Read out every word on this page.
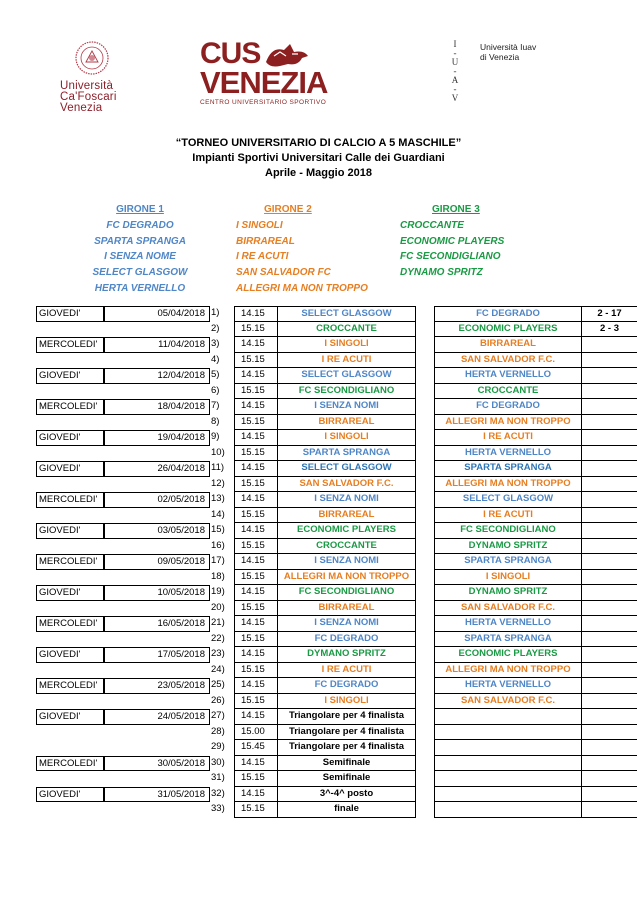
Università
Ca'Foscari
Venezia
CUS
VENEZIA
CENTRO UNIVERSITARIO SPORTIVO
I
-
U
-
A
-
V
Università Iuav
di Venezia
“TORNEO UNIVERSITARIO DI CALCIO A 5 MASCHILE”
Impianti Sportivi Universitari Calle dei Guardiani
Aprile - Maggio 2018
GIRONE 1
FC DEGRADO
SPARTA SPRANGA
I SENZA NOME
SELECT GLASGOW
HERTA VERNELLO
GIRONE 2
I SINGOLI
BIRRAREAL
I RE ACUTI
SAN SALVADOR FC
ALLEGRI MA NON TROPPO
GIRONE 3
CROCCANTE
ECONOMIC PLAYERS
FC SECONDIGLIANO
DYNAMO SPRITZ
GIOVEDI'	05/04/2018 1)	14.15	SELECT GLASGOW	FC DEGRADO	2 - 17
2)	15.15	CROCCANTE	ECONOMIC PLAYERS	2 - 3
MERCOLEDI'	11/04/2018 3)	14.15	I SINGOLI	BIRRAREAL
4)	15.15	I RE ACUTI	SAN SALVADOR F.C.
GIOVEDI'	12/04/2018 5)	14.15	SELECT GLASGOW	HERTA VERNELLO
6)	15.15	FC SECONDIGLIANO	CROCCANTE
MERCOLEDI'	18/04/2018 7)	14.15	I SENZA NOMI	FC DEGRADO
8)	15.15	BIRRAREAL	ALLEGRI MA NON TROPPO
GIOVEDI'	19/04/2018 9)	14.15	I SINGOLI	I RE ACUTI
10)	15.15	SPARTA SPRANGA	HERTA VERNELLO
GIOVEDI'	26/04/2018 11)	14.15	SELECT GLASGOW	SPARTA SPRANGA
12)	15.15	SAN SALVADOR F.C.	ALLEGRI MA NON TROPPO
MERCOLEDI'	02/05/2018 13)	14.15	I SENZA NOMI	SELECT GLASGOW
14)	15.15	BIRRAREAL	I RE ACUTI
GIOVEDI'	03/05/2018 15)	14.15	ECONOMIC PLAYERS	FC SECONDIGLIANO
16)	15.15	CROCCANTE	DYNAMO SPRITZ
MERCOLEDI'	09/05/2018 17)	14.15	I SENZA NOMI	SPARTA SPRANGA
18)	15.15	ALLEGRI MA NON TROPPO	I SINGOLI
GIOVEDI'	10/05/2018 19)	14.15	FC SECONDIGLIANO	DYNAMO SPRITZ
20)	15.15	BIRRAREAL	SAN SALVADOR F.C.
MERCOLEDI'	16/05/2018 21)	14.15	I SENZA NOMI	HERTA VERNELLO
22)	15.15	FC DEGRADO	SPARTA SPRANGA
GIOVEDI'	17/05/2018 23)	14.15	DYMANO SPRITZ	ECONOMIC PLAYERS
24)	15.15	I RE ACUTI	ALLEGRI MA NON TROPPO
MERCOLEDI'	23/05/2018 25)	14.15	FC DEGRADO	HERTA VERNELLO
26)	15.15	I SINGOLI	SAN SALVADOR F.C.
GIOVEDI'	24/05/2018 27)	14.15	Triangolare per 4 finalista
28)	15.00	Triangolare per 4 finalista
29)	15.45	Triangolare per 4 finalista
MERCOLEDI'	30/05/2018 30)	14.15	Semifinale
31)	15.15	Semifinale
GIOVEDI'	31/05/2018 32)	14.15	3^-4^ posto
33)	15.15	finale
